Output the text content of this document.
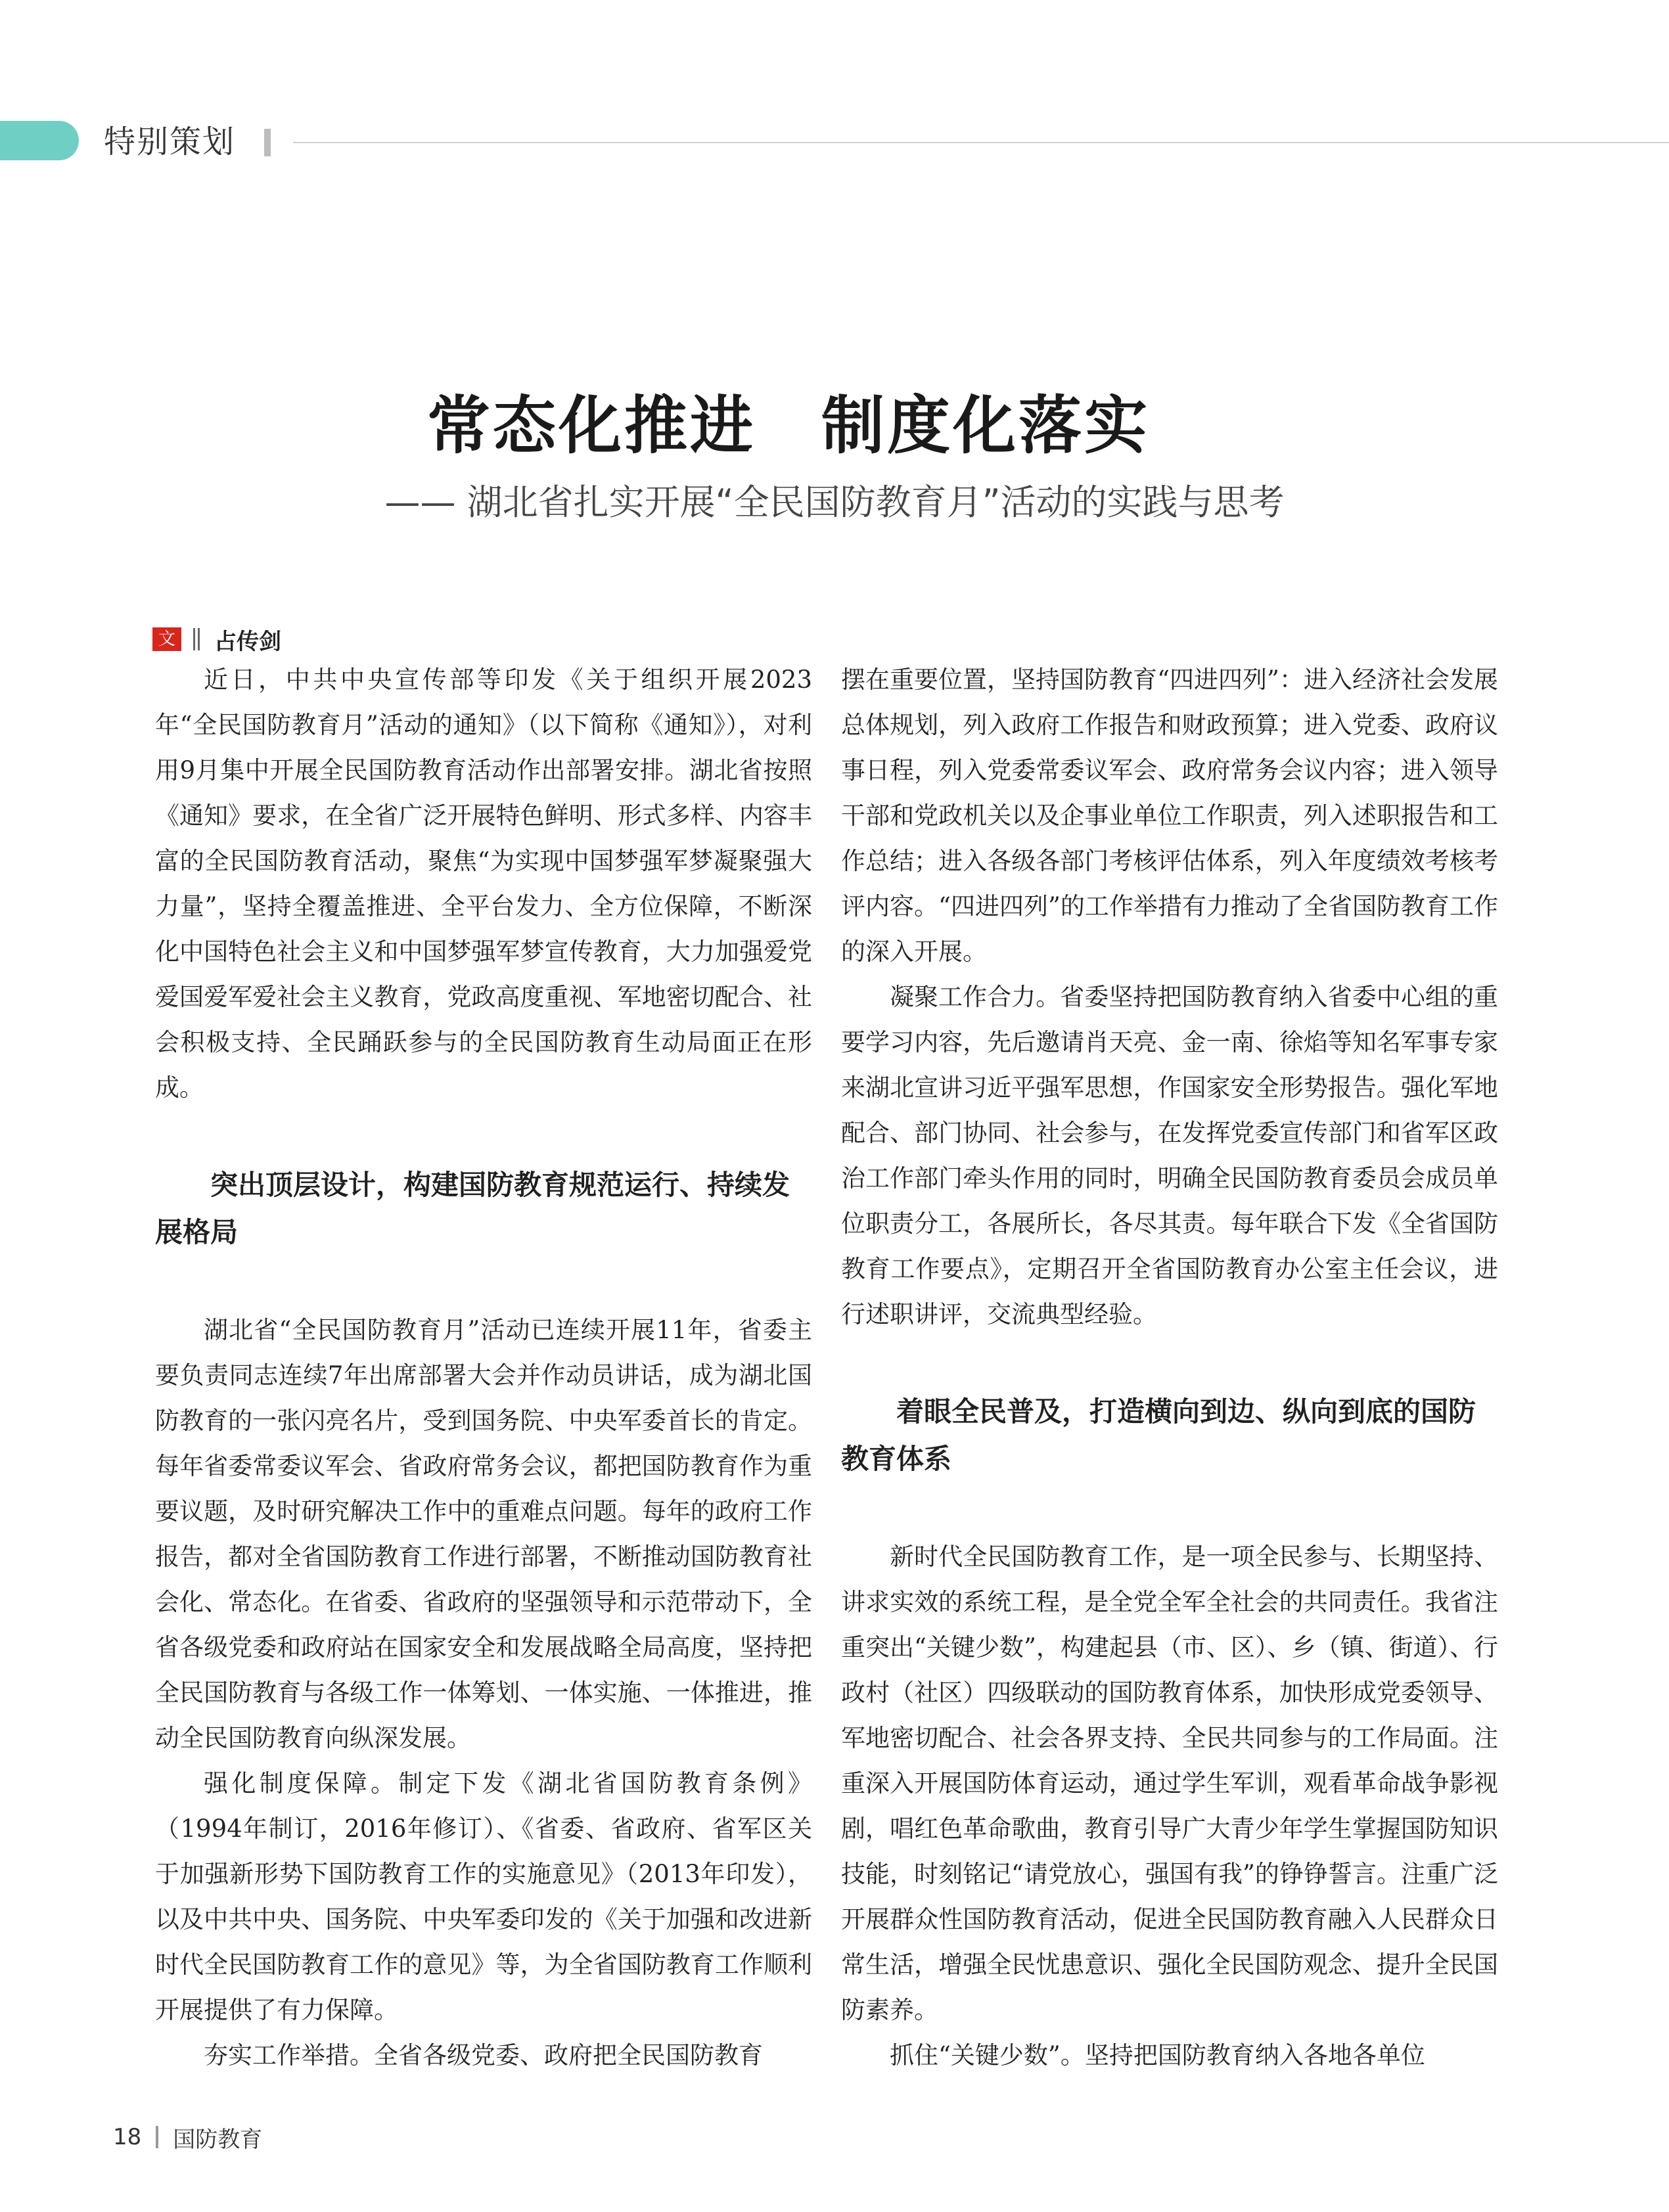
特别策划
常态化推进　制度化落实
—— 湖北省扎实开展“全民国防教育月”活动的实践与思考
文 占传剑

近日，中共中央宣传部等印发《关于组织开展2023年“全民国防教育月”活动的通知》（以下简称《通知》），对利用9月集中开展全民国防教育活动作出部署安排。湖北省按照《通知》要求，在全省广泛开展特色鲜明、形式多样、内容丰富的全民国防教育活动，聚焦“为实现中国梦强军梦凝聚强大力量”，坚持全覆盖推进、全平台发力、全方位保障，不断深化中国特色社会主义和中国梦强军梦宣传教育，大力加强爱党爱国爱军爱社会主义教育，党政高度重视、军地密切配合、社会积极支持、全民踊跃参与的全民国防教育生动局面正在形成。

突出顶层设计，构建国防教育规范运行、持续发展格局

湖北省“全民国防教育月”活动已连续开展11年，省委主要负责同志连续7年出席部署大会并作动员讲话，成为湖北国防教育的一张闪亮名片，受到国务院、中央军委首长的肯定。每年省委常委议军会、省政府常务会议，都把国防教育作为重要议题，及时研究解决工作中的重难点问题。每年的政府工作报告，都对全省国防教育工作进行部署，不断推动国防教育社会化、常态化。在省委、省政府的坚强领导和示范带动下，全省各级党委和政府站在国家安全和发展战略全局高度，坚持把全民国防教育与各级工作一体筹划、一体实施、一体推进，推动全民国防教育向纵深发展。

强化制度保障。制定下发《湖北省国防教育条例》（1994年制订，2016年修订）、《省委、省政府、省军区关于加强新形势下国防教育工作的实施意见》（2013年印发），以及中共中央、国务院、中央军委印发的《关于加强和改进新时代全民国防教育工作的意见》等，为全省国防教育工作顺利开展提供了有力保障。

夯实工作举措。全省各级党委、政府把全民国防教育

摆在重要位置，坚持国防教育“四进四列”：进入经济社会发展总体规划，列入政府工作报告和财政预算；进入党委、政府议事日程，列入党委常委议军会、政府常务会议内容；进入领导干部和党政机关以及企事业单位工作职责，列入述职报告和工作总结；进入各级各部门考核评估体系，列入年度绩效考核考评内容。“四进四列”的工作举措有力推动了全省国防教育工作的深入开展。

凝聚工作合力。省委坚持把国防教育纳入省委中心组的重要学习内容，先后邀请肖天亮、金一南、徐焰等知名军事专家来湖北宣讲习近平强军思想，作国家安全形势报告。强化军地配合、部门协同、社会参与，在发挥党委宣传部门和省军区政治工作部门牵头作用的同时，明确全民国防教育委员会成员单位职责分工，各展所长，各尽其责。每年联合下发《全省国防教育工作要点》，定期召开全省国防教育办公室主任会议，进行述职讲评，交流典型经验。

着眼全民普及，打造横向到边、纵向到底的国防教育体系

新时代全民国防教育工作，是一项全民参与、长期坚持、讲求实效的系统工程，是全党全军全社会的共同责任。我省注重突出“关键少数”，构建起县（市、区）、乡（镇、街道）、行政村（社区）四级联动的国防教育体系，加快形成党委领导、军地密切配合、社会各界支持、全民共同参与的工作局面。注重深入开展国防体育运动，通过学生军训，观看革命战争影视剧，唱红色革命歌曲，教育引导广大青少年学生掌握国防知识技能，时刻铭记“请党放心，强国有我”的铮铮誓言。注重广泛开展群众性国防教育活动，促进全民国防教育融入人民群众日常生活，增强全民忧患意识、强化全民国防观念、提升全民国防素养。

抓住“关键少数”。坚持把国防教育纳入各地各单位

18 国防教育
